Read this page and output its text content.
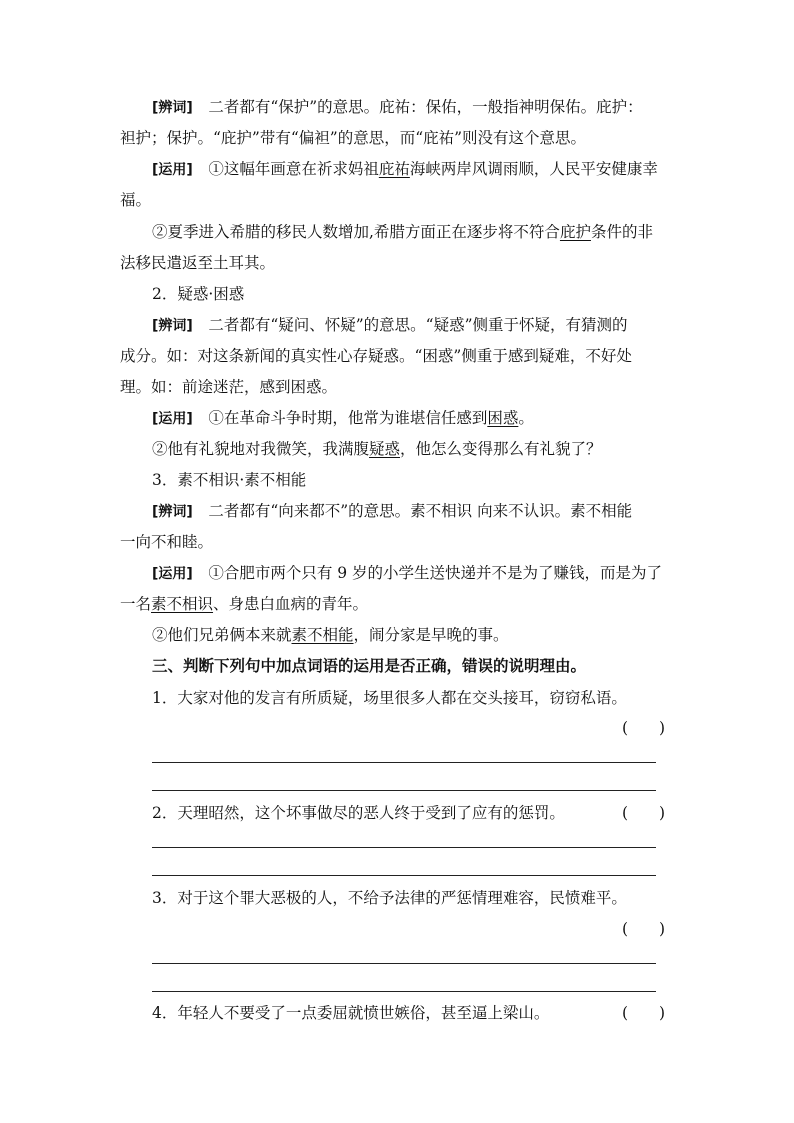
[辨词]　 二者都有“保护”的意思。庇祐：保佑，一般指神明保佑。庇护：
袒护；保护。“庇护”带有“偏袒”的意思，而“庇祐”则没有这个意思。
[运用]　 ①这幅年画意在祈求妈祖庇祐海峡两岸风调雨顺，人民平安健康幸
福。
②夏季进入希腊的移民人数增加,希腊方面正在逐步将不符合庇护条件的非
法移民遣返至土耳其。
2．疑惑·困惑
[辨词]　 二者都有“疑问、怀疑”的意思。“疑惑”侧重于怀疑，有猜测的
成分。如：对这条新闻的真实性心存疑惑。“困惑”侧重于感到疑难，不好处
理。如：前途迷茫，感到困惑。
[运用]　 ①在革命斗争时期，他常为谁堪信任感到困惑。
②他有礼貌地对我微笑，我满腹疑惑，他怎么变得那么有礼貌了？
3．素不相识·素不相能
[辨词]　 二者都有“向来都不”的意思。素不相识 向来不认识。素不相能
一向不和睦。
[运用]　 ①合肥市两个只有 9 岁的小学生送快递并不是为了赚钱，而是为了
一名素不相识、身患白血病的青年。
②他们兄弟俩本来就素不相能，闹分家是早晚的事。
三、判断下列句中加点词语的运用是否正确，错误的说明理由。
1．大家对他的发言有所质疑，场里很多人都在交头接耳，窃窃私语。
(　　)
2．天理昭然，这个坏事做尽的恶人终于受到了应有的惩罚。	(　　)
3．对于这个罪大恶极的人，不给予法律的严惩情理难容，民愤难平。
(　　)
4．年轻人不要受了一点委屈就愤世嫉俗，甚至逼上梁山。	(　　)
